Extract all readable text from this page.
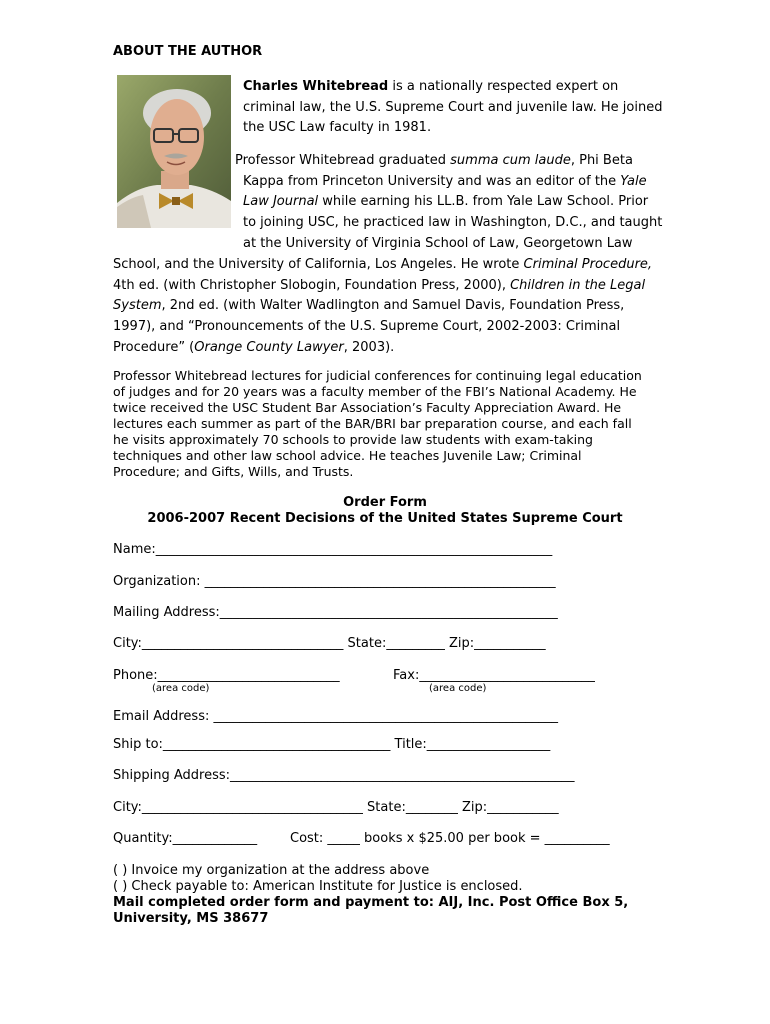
ABOUT THE AUTHOR
Charles Whitebread is a nationally respected expert on
criminal law, the U.S. Supreme Court and juvenile law. He joined
the USC Law faculty in 1981.
Professor Whitebread graduated summa cum laude, Phi Beta
Kappa from Princeton University and was an editor of the Yale
Law Journal while earning his LL.B. from Yale Law School. Prior
to joining USC, he practiced law in Washington, D.C., and taught
at the University of Virginia School of Law, Georgetown Law
School, and the University of California, Los Angeles. He wrote Criminal Procedure,
4th ed. (with Christopher Slobogin, Foundation Press, 2000), Children in the Legal
System, 2nd ed. (with Walter Wadlington and Samuel Davis, Foundation Press,
1997), and “Pronouncements of the U.S. Supreme Court, 2002-2003: Criminal
Procedure” (Orange County Lawyer, 2003).
Professor Whitebread lectures for judicial conferences for continuing legal education
of judges and for 20 years was a faculty member of the FBI’s National Academy. He
twice received the USC Student Bar Association’s Faculty Appreciation Award. He
lectures each summer as part of the BAR/BRI bar preparation course, and each fall
he visits approximately 70 schools to provide law students with exam-taking
techniques and other law school advice. He teaches Juvenile Law; Criminal
Procedure; and Gifts, Wills, and Trusts.
Order Form
2006-2007 Recent Decisions of the United States Supreme Court
Name:_____________________________________________________________
Organization: ______________________________________________________
Mailing Address:____________________________________________________
City:_______________________________ State:_________ Zip:___________
Phone:____________________________	Fax:___________________________
(area code)	(area code)
Email Address: _____________________________________________________
Ship to:___________________________________ Title:___________________
Shipping Address:_____________________________________________________
City:__________________________________ State:________ Zip:___________
Quantity:_____________	Cost: _____ books x $25.00 per book = __________
( ) Invoice my organization at the address above
( ) Check payable to: American Institute for Justice is enclosed.
Mail completed order form and payment to: AIJ, Inc. Post Office Box 5,
University, MS 38677
